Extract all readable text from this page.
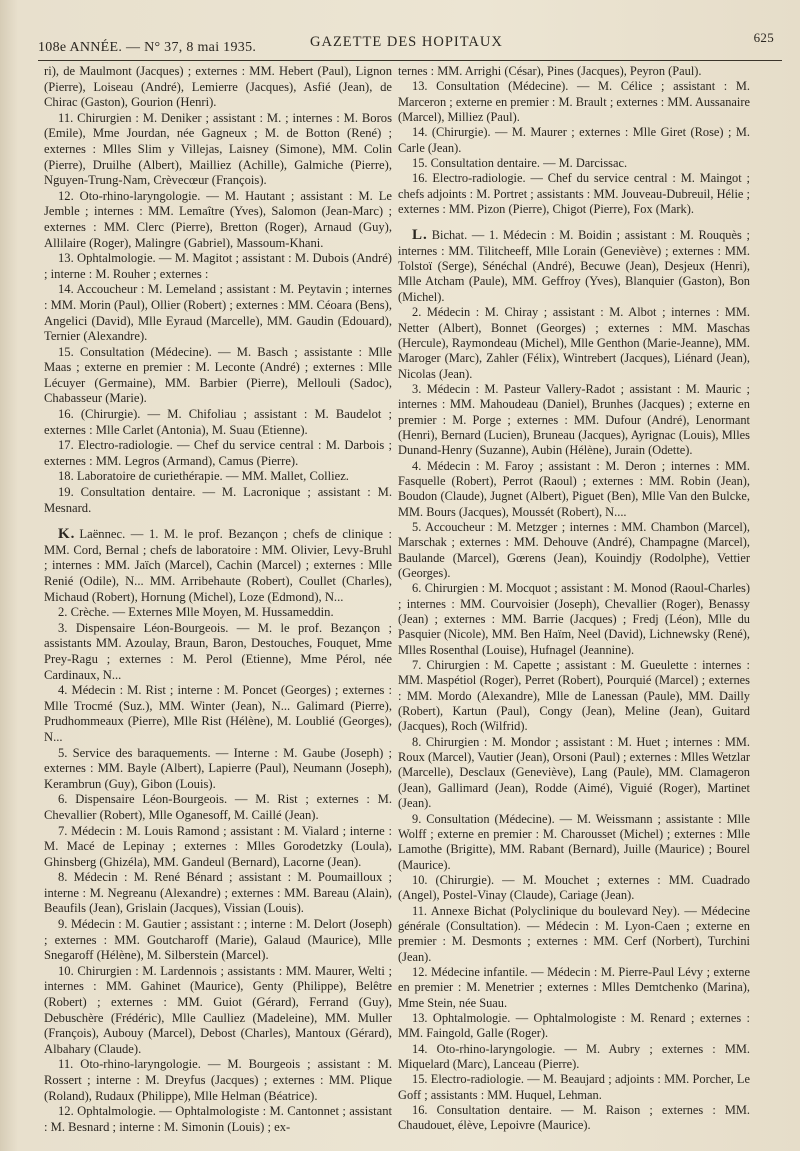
108e ANNÉE. — N° 37, 8 mai 1935.	GAZETTE DES HOPITAUX	625

ri), de Maulmont (Jacques) ; externes : MM. Hebert (Paul), Lignon (Pierre), Loiseau (André), Lemierre (Jacques), Asfié (Jean), de Chirac (Gaston), Gourion (Henri).

11. Chirurgien : M. Deniker ; assistant : M. ; internes : M. Boros (Emile), Mme Jourdan, née Gagneux ; M. de Botton (René) ; externes : Mlles Slim y Villejas, Laisney (Simone), MM. Colin (Pierre), Druilhe (Albert), Mailliez (Achille), Galmiche (Pierre), Nguyen-Trung-Nam, Crèvecœur (François).

12. Oto-rhino-laryngologie. — M. Hautant ; assistant : M. Le Jemble ; internes : MM. Lemaître (Yves), Salomon (Jean-Marc) ; externes : MM. Clerc (Pierre), Bretton (Roger), Arnaud (Guy), Allilaire (Roger), Malingre (Gabriel), Massoum-Khani.

13. Ophtalmologie. — M. Magitot ; assistant : M. Dubois (André) ; interne : M. Rouher ; externes :

14. Accoucheur : M. Lemeland ; assistant : M. Peytavin ; internes : MM. Morin (Paul), Ollier (Robert) ; externes : MM. Céoara (Bens), Angelici (David), Mlle Eyraud (Marcelle), MM. Gaudin (Edouard), Ternier (Alexandre).

15. Consultation (Médecine). — M. Basch ; assistante : Mlle Maas ; externe en premier : M. Leconte (André) ; externes : Mlle Lécuyer (Germaine), MM. Barbier (Pierre), Mellouli (Sadoc), Chabasseur (Marie).

16. (Chirurgie). — M. Chifoliau ; assistant : M. Baudelot ; externes : Mlle Carlet (Antonia), M. Suau (Etienne).

17. Electro-radiologie. — Chef du service central : M. Darbois ; externes : MM. Legros (Armand), Camus (Pierre).

18. Laboratoire de curiethérapie. — MM. Mallet, Colliez.

19. Consultation dentaire. — M. Lacronique ; assistant : M. Mesnard.

K. Laënnec. — 1. M. le prof. Bezançon ; chefs de clinique : MM. Cord, Bernal ; chefs de laboratoire : MM. Olivier, Levy-Bruhl ; internes : MM. Jaïch (Marcel), Cachin (Marcel) ; externes : Mlle Renié (Odile), N... MM. Arribehaute (Robert), Coullet (Charles), Michaud (Robert), Hornung (Michel), Loze (Edmond), N...

2. Crèche. — Externes Mlle Moyen, M. Hussameddin.

3. Dispensaire Léon-Bourgeois. — M. le prof. Bezançon ; assistants MM. Azoulay, Braun, Baron, Destouches, Fouquet, Mme Prey-Ragu ; externes : M. Perol (Etienne), Mme Pérol, née Cardinaux, N...

4. Médecin : M. Rist ; interne : M. Poncet (Georges) ; externes : Mlle Trocmé (Suz.), MM. Winter (Jean), N... Galimard (Pierre), Prudhommeaux (Pierre), Mlle Rist (Hélène), M. Loublié (Georges), N...

5. Service des baraquements. — Interne : M. Gaube (Joseph) ; externes : MM. Bayle (Albert), Lapierre (Paul), Neumann (Joseph), Kerambrun (Guy), Gibon (Louis).

6. Dispensaire Léon-Bourgeois. — M. Rist ; externes : M. Chevallier (Robert), Mlle Oganesoff, M. Caillé (Jean).

7. Médecin : M. Louis Ramond ; assistant : M. Vialard ; interne : M. Macé de Lepinay ; externes : Mlles Gorodetzky (Loula), Ghinsberg (Ghizéla), MM. Gandeul (Bernard), Lacorne (Jean).

8. Médecin : M. René Bénard ; assistant : M. Poumailloux ; interne : M. Negreanu (Alexandre) ; externes : MM. Bareau (Alain), Beaufils (Jean), Grislain (Jacques), Vissian (Louis).

9. Médecin : M. Gautier ; assistant : ; interne : M. Delort (Joseph) ; externes : MM. Goutcharoff (Marie), Galaud (Maurice), Mlle Snegaroff (Hélène), M. Silberstein (Marcel).

10. Chirurgien : M. Lardennois ; assistants : MM. Maurer, Welti ; internes : MM. Gahinet (Maurice), Genty (Philippe), Belêtre (Robert) ; externes : MM. Guiot (Gérard), Ferrand (Guy), Debuschère (Frédéric), Mlle Caulliez (Madeleine), MM. Muller (François), Aubouy (Marcel), Debost (Charles), Mantoux (Gérard), Albahary (Claude).

11. Oto-rhino-laryngologie. — M. Bourgeois ; assistant : M. Rossert ; interne : M. Dreyfus (Jacques) ; externes : MM. Plique (Roland), Rudaux (Philippe), Mlle Helman (Béatrice).

12. Ophtalmologie. — Ophtalmologiste : M. Cantonnet ; assistant : M. Besnard ; interne : M. Simonin (Louis) ; ex-

ternes : MM. Arrighi (César), Pines (Jacques), Peyron (Paul).

13. Consultation (Médecine). — M. Célice ; assistant : M. Marceron ; externe en premier : M. Brault ; externes : MM. Aussanaire (Marcel), Milliez (Paul).

14. (Chirurgie). — M. Maurer ; externes : Mlle Giret (Rose) ; M. Carle (Jean).

15. Consultation dentaire. — M. Darcissac.

16. Electro-radiologie. — Chef du service central : M. Maingot ; chefs adjoints : M. Portret ; assistants : MM. Jouveau-Dubreuil, Hélie ; externes : MM. Pizon (Pierre), Chigot (Pierre), Fox (Mark).

L. Bichat. — 1. Médecin : M. Boidin ; assistant : M. Rouquès ; internes : MM. Tilitcheeff, Mlle Lorain (Geneviève) ; externes : MM. Tolstoï (Serge), Sénéchal (André), Becuwe (Jean), Desjeux (Henri), Mlle Atcham (Paule), MM. Geffroy (Yves), Blanquier (Gaston), Bon (Michel).

2. Médecin : M. Chiray ; assistant : M. Albot ; internes : MM. Netter (Albert), Bonnet (Georges) ; externes : MM. Maschas (Hercule), Raymondeau (Michel), Mlle Genthon (Marie-Jeanne), MM. Maroger (Marc), Zahler (Félix), Wintrebert (Jacques), Liénard (Jean), Nicolas (Jean).

3. Médecin : M. Pasteur Vallery-Radot ; assistant : M. Mauric ; internes : MM. Mahoudeau (Daniel), Brunhes (Jacques) ; externe en premier : M. Porge ; externes : MM. Dufour (André), Lenormant (Henri), Bernard (Lucien), Bruneau (Jacques), Ayrignac (Louis), Mlles Dunand-Henry (Suzanne), Aubin (Hélène), Jurain (Odette).

4. Médecin : M. Faroy ; assistant : M. Deron ; internes : MM. Fasquelle (Robert), Perrot (Raoul) ; externes : MM. Robin (Jean), Boudon (Claude), Jugnet (Albert), Piguet (Ben), Mlle Van den Bulcke, MM. Bours (Jacques), Moussét (Robert), N....

5. Accoucheur : M. Metzger ; internes : MM. Chambon (Marcel), Marschak ; externes : MM. Dehouve (André), Champagne (Marcel), Baulande (Marcel), Gœrens (Jean), Kouindjy (Rodolphe), Vettier (Georges).

6. Chirurgien : M. Mocquot ; assistant : M. Monod (Raoul-Charles) ; internes : MM. Courvoisier (Joseph), Chevallier (Roger), Benassy (Jean) ; externes : MM. Barrie (Jacques) ; Fredj (Léon), Mlle du Pasquier (Nicole), MM. Ben Haïm, Neel (David), Lichnewsky (René), Mlles Rosenthal (Louise), Hufnagel (Jeannine).

7. Chirurgien : M. Capette ; assistant : M. Gueulette : internes : MM. Maspétiol (Roger), Perret (Robert), Pourquié (Marcel) ; externes : MM. Mordo (Alexandre), Mlle de Lanessan (Paule), MM. Dailly (Robert), Kartun (Paul), Congy (Jean), Meline (Jean), Guitard (Jacques), Roch (Wilfrid).

8. Chirurgien : M. Mondor ; assistant : M. Huet ; internes : MM. Roux (Marcel), Vautier (Jean), Orsoni (Paul) ; externes : Mlles Wetzlar (Marcelle), Desclaux (Geneviève), Lang (Paule), MM. Clamageron (Jean), Gallimard (Jean), Rodde (Aimé), Viguié (Roger), Martinet (Jean).

9. Consultation (Médecine). — M. Weissmann ; assistante : Mlle Wolff ; externe en premier : M. Charousset (Michel) ; externes : Mlle Lamothe (Brigitte), MM. Rabant (Bernard), Juille (Maurice) ; Bourel (Maurice).

10. (Chirurgie). — M. Mouchet ; externes : MM. Cuadrado (Angel), Postel-Vinay (Claude), Cariage (Jean).

11. Annexe Bichat (Polyclinique du boulevard Ney). — Médecine générale (Consultation). — Médecin : M. Lyon-Caen ; externe en premier : M. Desmonts ; externes : MM. Cerf (Norbert), Turchini (Jean).

12. Médecine infantile. — Médecin : M. Pierre-Paul Lévy ; externe en premier : M. Menetrier ; externes : Mlles Demtchenko (Marina), Mme Stein, née Suau.

13. Ophtalmologie. — Ophtalmologiste : M. Renard ; externes : MM. Faingold, Galle (Roger).

14. Oto-rhino-laryngologie. — M. Aubry ; externes : MM. Miquelard (Marc), Lanceau (Pierre).

15. Electro-radiologie. — M. Beaujard ; adjoints : MM. Porcher, Le Goff ; assistants : MM. Huquel, Lehman.

16. Consultation dentaire. — M. Raison ; externes : MM. Chaudouet, élève, Lepoivre (Maurice).
